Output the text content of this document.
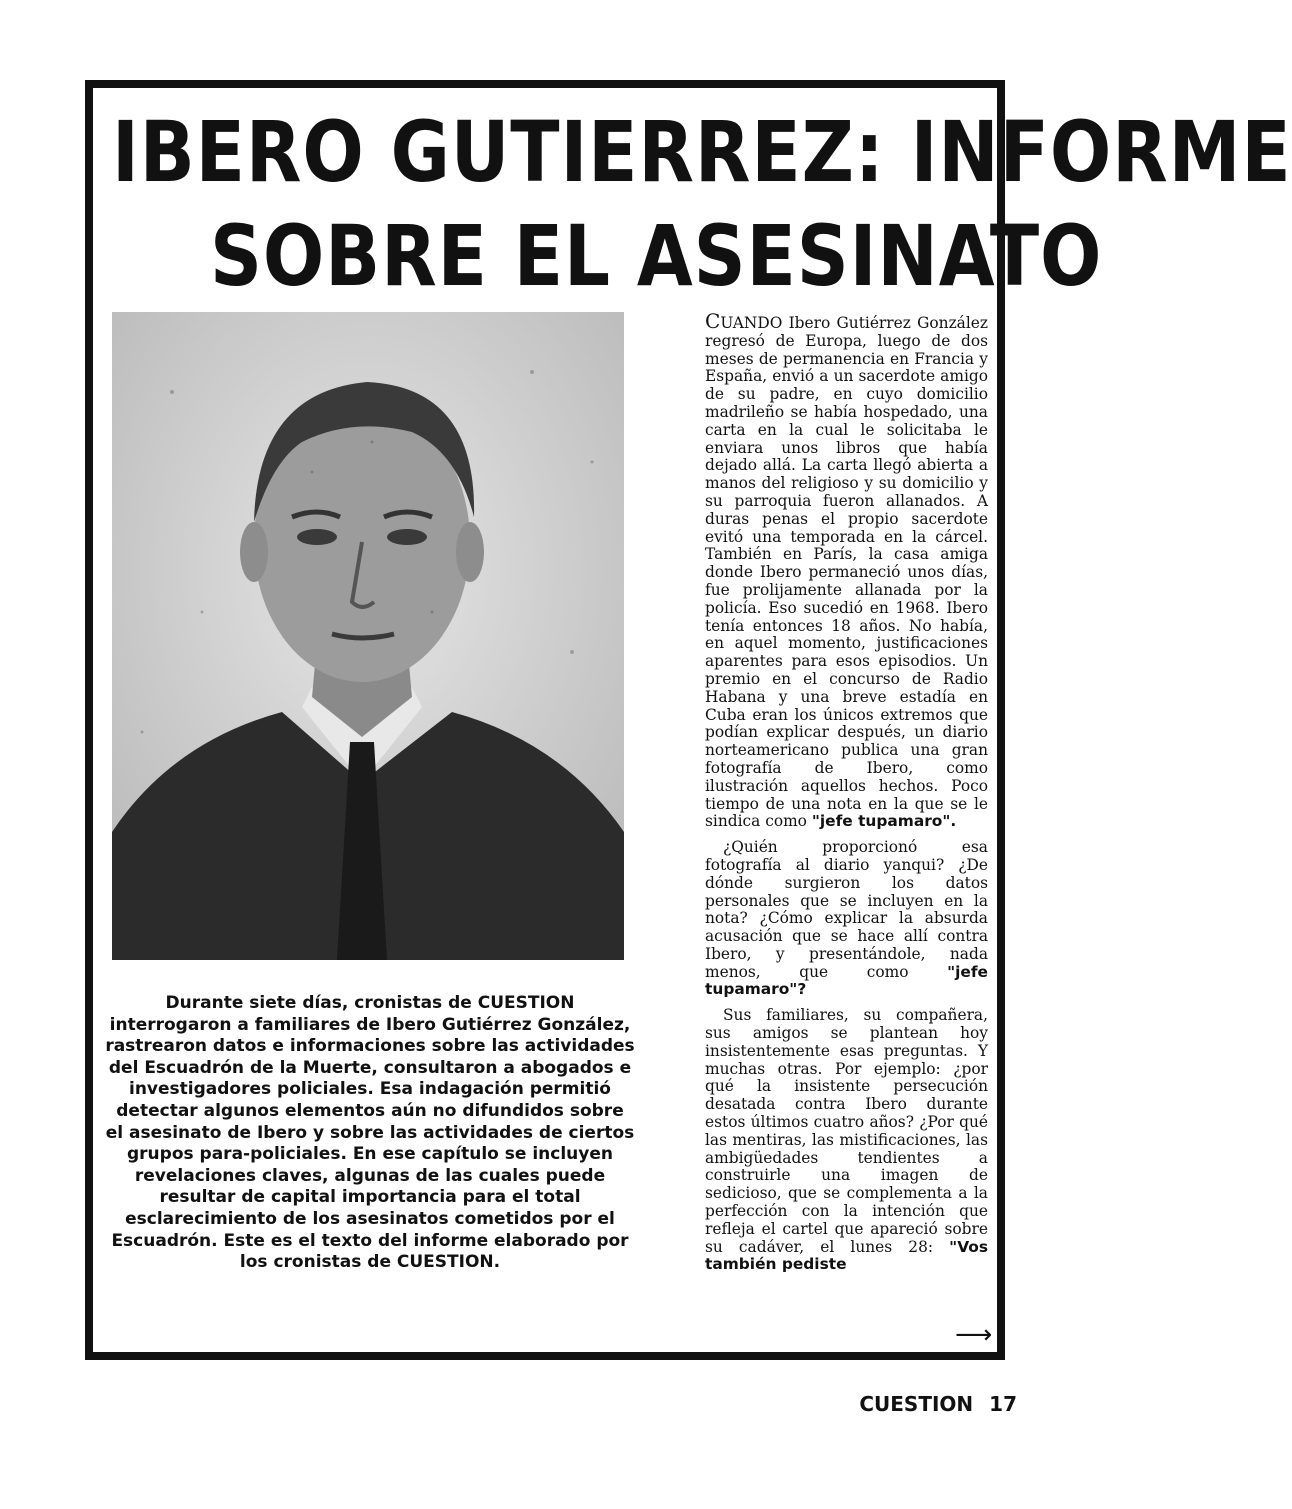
IBERO GUTIERREZ: INFORME
SOBRE EL ASESINATO

Durante siete días, cronistas de CUESTION interrogaron a familiares de Ibero Gutiérrez González, rastrearon datos e informaciones sobre las actividades del Escuadrón de la Muerte, consultaron a abogados e investigadores policiales. Esa indagación permitió detectar algunos elementos aún no difundidos sobre el asesinato de Ibero y sobre las actividades de ciertos grupos para-policiales. En ese capítulo se incluyen revelaciones claves, algunas de las cuales puede resultar de capital importancia para el total esclarecimiento de los asesinatos cometidos por el Escuadrón. Este es el texto del informe elaborado por los cronistas de CUESTION.

CUANDO Ibero Gutiérrez González regresó de Europa, luego de dos meses de permanencia en Francia y España, envió a un sacerdote amigo de su padre, en cuyo domicilio madrileño se había hospedado, una carta en la cual le solicitaba le enviara unos libros que había dejado allá. La carta llegó abierta a manos del religioso y su domicilio y su parroquia fueron allanados. A duras penas el propio sacerdote evitó una temporada en la cárcel. También en París, la casa amiga donde Ibero permaneció unos días, fue prolijamente allanada por la policía. Eso sucedió en 1968. Ibero tenía entonces 18 años. No había, en aquel momento, justificaciones aparentes para esos episodios. Un premio en el concurso de Radio Habana y una breve estadía en Cuba eran los únicos extremos que podían explicar después, un diario norteamericano publica una gran fotografía de Ibero, como ilustración aquellos hechos. Poco tiempo de una nota en la que se le sindica como "jefe tupamaro".

¿Quién proporcionó esa fotografía al diario yanqui? ¿De dónde surgieron los datos personales que se incluyen en la nota? ¿Cómo explicar la absurda acusación que se hace allí contra Ibero, y presentándole, nada menos, que como "jefe tupamaro"?

Sus familiares, su compañera, sus amigos se plantean hoy insistentemente esas preguntas. Y muchas otras. Por ejemplo: ¿por qué la insistente persecución desatada contra Ibero durante estos últimos cuatro años? ¿Por qué las mentiras, las mistificaciones, las ambigüedades tendientes a construirle una imagen de sedicioso, que se complementa a la perfección con la intención que refleja el cartel que apareció sobre su cadáver, el lunes 28: "Vos también pediste

⟶
CUESTION 17
